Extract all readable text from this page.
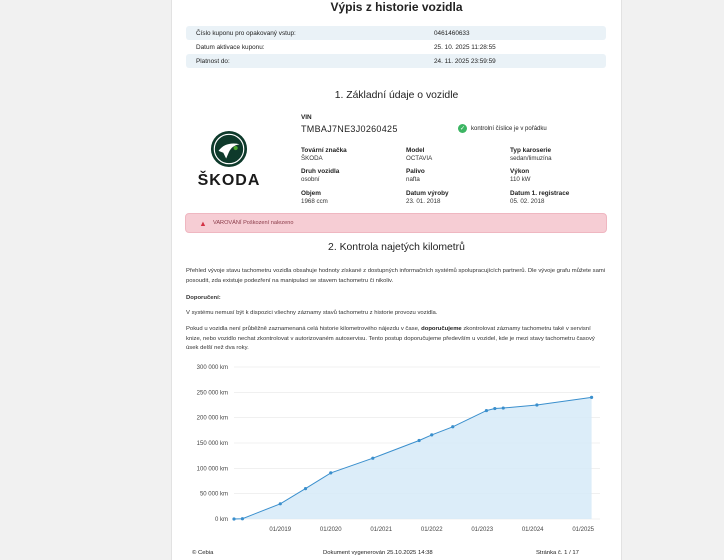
Výpis z historie vozidla
Číslo kuponu pro opakovaný vstup:	0461460633
Datum aktivace kuponu:	25. 10. 2025 11:28:55
Platnost do:	24. 11. 2025 23:59:59
1. Základní údaje o vozidle
ŠKODA
VIN
TMBAJ7NE3J0260425	✓ kontrolní číslice je v pořádku
Tovární značka
ŠKODA
Model
OCTAVIA
Typ karoserie
sedan/limuzína
Druh vozidla
osobní
Palivo
nafta
Výkon
110 kW
Objem
1968 ccm
Datum výroby
23. 01. 2018
Datum 1. registrace
05. 02. 2018
▲ VAROVÁNÍ
Poškození nalezeno
2. Kontrola najetých kilometrů
Přehled vývoje stavu tachometru vozidla obsahuje hodnoty získané z dostupných informačních systémů spolupracujících partnerů. Dle vývoje grafu můžete sami posoudit, zda existuje podezření na manipulaci se stavem tachometru či nikoliv.
Doporučení:
V systému nemusí být k dispozici všechny záznamy stavů tachometru z historie provozu vozidla.
Pokud u vozidla není průběžně zaznamenaná celá historie kilometrového nájezdu v čase, doporučujeme zkontrolovat záznamy tachometru také v servisní knize, nebo vozidlo nechat zkontrolovat v autorizovaném autoservisu. Tento postup doporučujeme především u vozidel, kde je mezi stavy tachometru časový úsek delší než dva roky.
0 km
50 000 km
100 000 km
150 000 km
200 000 km
250 000 km
300 000 km
01/2019	01/2020	01/2021	01/2022	01/2023	01/2024	01/2025
© Cebia	Dokument vygenerován 25.10.2025 14:38	Stránka č. 1 / 17
